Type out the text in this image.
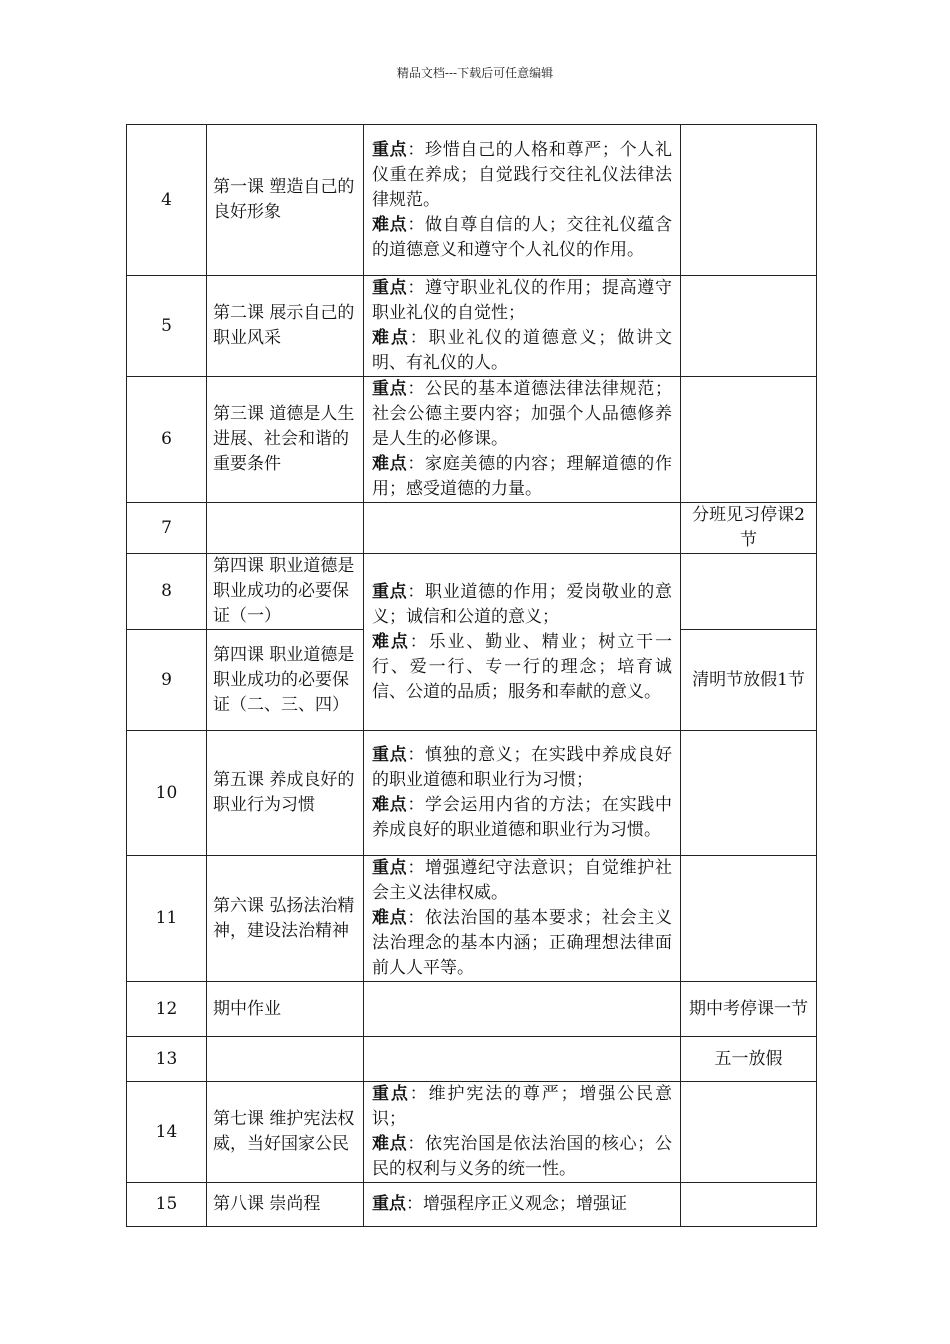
精品文档---下载后可任意编辑
4	第一课 塑造自己的良好形象	重点：珍惜自己的人格和尊严；个人礼仪重在养成；自觉践行交往礼仪法律法律规范。
难点：做自尊自信的人；交往礼仪蕴含的道德意义和遵守个人礼仪的作用。	

5	第二课 展示自己的职业风采	重点：遵守职业礼仪的作用；提高遵守职业礼仪的自觉性；
难点：职业礼仪的道德意义；做讲文明、有礼仪的人。	

6	第三课 道德是人生进展、社会和谐的重要条件	重点：公民的基本道德法律法律规范；社会公德主要内容；加强个人品德修养是人生的必修课。
难点：家庭美德的内容；理解道德的作用；感受道德的力量。	

7			分班见习停课2节
8	第四课 职业道德是职业成功的必要保证（一）	重点：职业道德的作用；爱岗敬业的意义；诚信和公道的意义；
难点：乐业、勤业、精业；树立干一行、爱一行、专一行的理念；培育诚信、公道的品质；服务和奉献的意义。	

9	第四课 职业道德是职业成功的必要保证（二、三、四）		清明节放假1节
10	第五课 养成良好的职业行为习惯	重点：慎独的意义；在实践中养成良好的职业道德和职业行为习惯；
难点：学会运用内省的方法；在实践中养成良好的职业道德和职业行为习惯。	

11	第六课 弘扬法治精神，建设法治精神	重点：增强遵纪守法意识；自觉维护社会主义法律权威。
难点：依法治国的基本要求；社会主义法治理念的基本内涵；正确理想法律面前人人平等。	

12	期中作业		期中考停课一节
13			五一放假
14	第七课 维护宪法权威，当好国家公民	重点：维护宪法的尊严；增强公民意识；
难点：依宪治国是依法治国的核心；公民的权利与义务的统一性。	

15	第八课 崇尚程	重点：增强程序正义观念；增强证	
